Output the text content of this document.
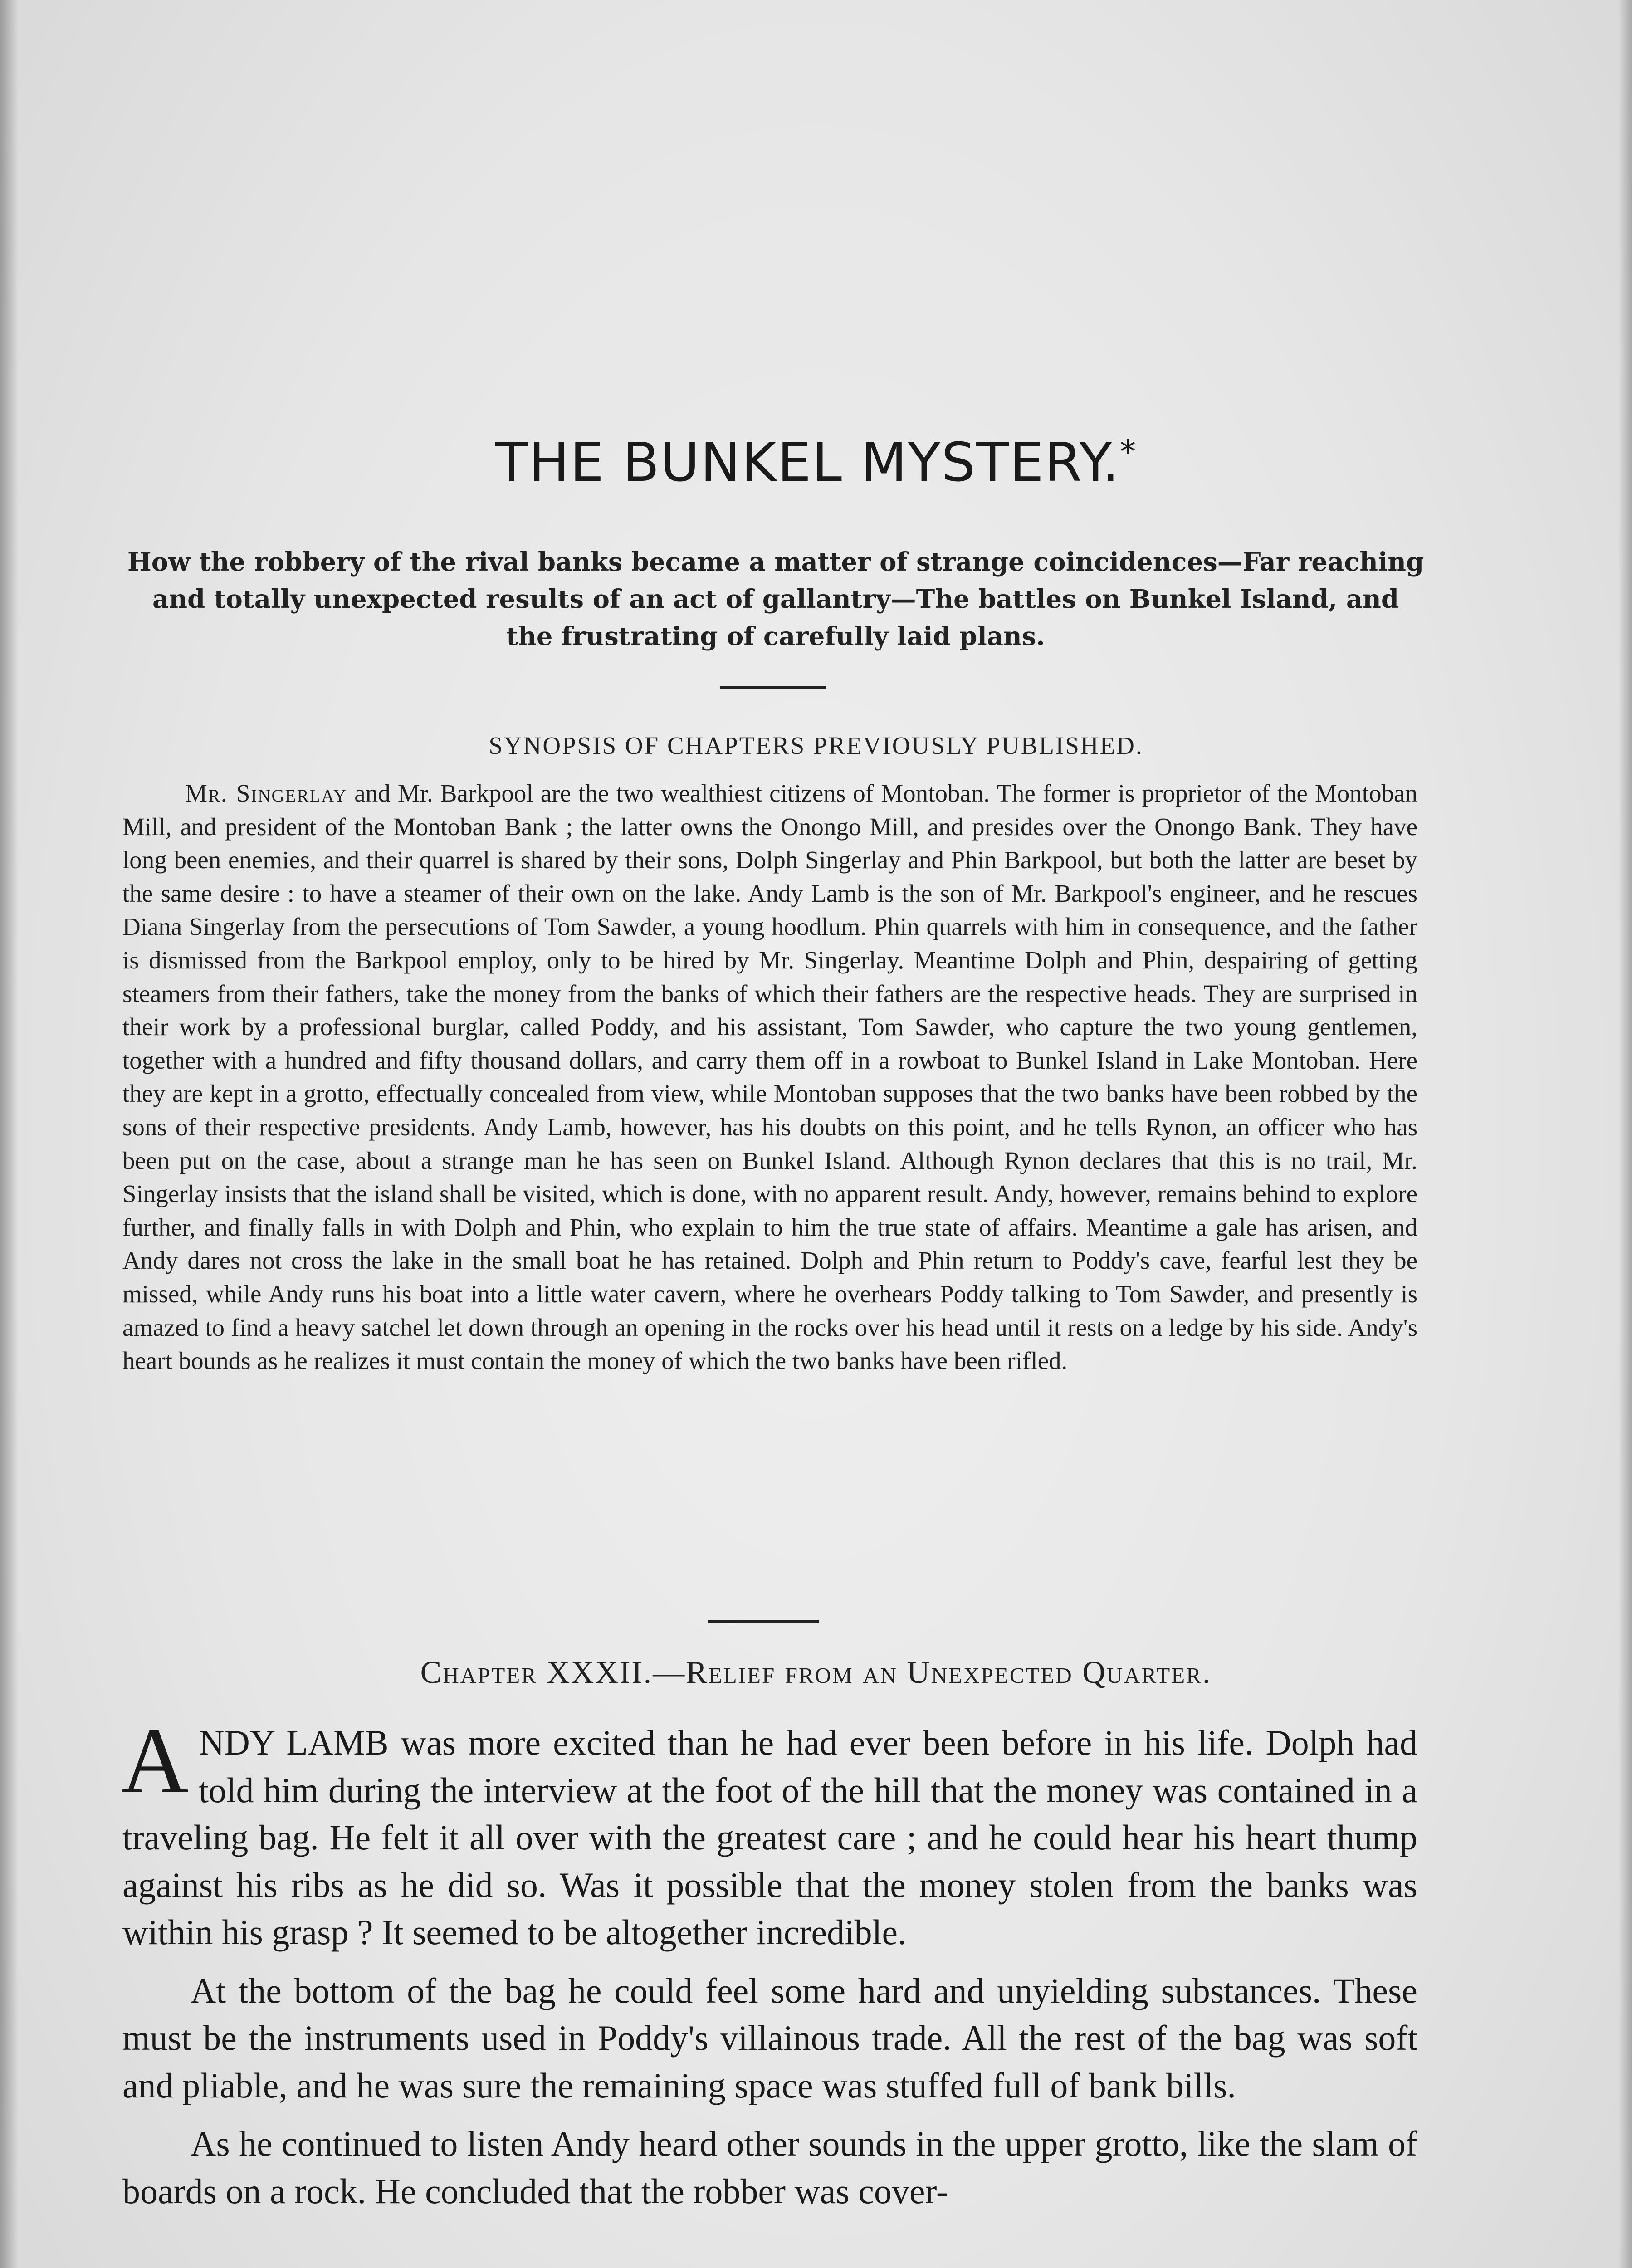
THE BUNKEL MYSTERY.*
How the robbery of the rival banks became a matter of strange coincidences—Far reaching and totally unexpected results of an act of gallantry—The battles on Bunkel Island, and the frustrating of carefully laid plans.
SYNOPSIS OF CHAPTERS PREVIOUSLY PUBLISHED.
Mr. Singerlay and Mr. Barkpool are the two wealthiest citizens of Montoban. The former is proprietor of the Montoban Mill, and president of the Montoban Bank ; the latter owns the Onongo Mill, and presides over the Onongo Bank. They have long been enemies, and their quarrel is shared by their sons, Dolph Singerlay and Phin Barkpool, but both the latter are beset by the same desire : to have a steamer of their own on the lake. Andy Lamb is the son of Mr. Barkpool's engineer, and he rescues Diana Singerlay from the persecutions of Tom Sawder, a young hoodlum. Phin quarrels with him in consequence, and the father is dismissed from the Barkpool employ, only to be hired by Mr. Singerlay. Meantime Dolph and Phin, despairing of getting steamers from their fathers, take the money from the banks of which their fathers are the respective heads. They are surprised in their work by a professional burglar, called Poddy, and his assistant, Tom Sawder, who capture the two young gentlemen, together with a hundred and fifty thousand dollars, and carry them off in a rowboat to Bunkel Island in Lake Montoban. Here they are kept in a grotto, effectually concealed from view, while Montoban supposes that the two banks have been robbed by the sons of their respective presidents. Andy Lamb, however, has his doubts on this point, and he tells Rynon, an officer who has been put on the case, about a strange man he has seen on Bunkel Island. Although Rynon declares that this is no trail, Mr. Singerlay insists that the island shall be visited, which is done, with no apparent result. Andy, however, remains behind to explore further, and finally falls in with Dolph and Phin, who explain to him the true state of affairs. Meantime a gale has arisen, and Andy dares not cross the lake in the small boat he has retained. Dolph and Phin return to Poddy's cave, fearful lest they be missed, while Andy runs his boat into a little water cavern, where he overhears Poddy talking to Tom Sawder, and presently is amazed to find a heavy satchel let down through an opening in the rocks over his head until it rests on a ledge by his side. Andy's heart bounds as he realizes it must contain the money of which the two banks have been rifled.
Chapter XXXII.—Relief from an Unexpected Quarter.

ANDY LAMB was more excited than he had ever been before in his life. Dolph had told him during the interview at the foot of the hill that the money was contained in a traveling bag. He felt it all over with the greatest care ; and he could hear his heart thump against his ribs as he did so. Was it possible that the money stolen from the banks was within his grasp ? It seemed to be altogether incredible.

At the bottom of the bag he could feel some hard and unyielding substances. These must be the instruments used in Poddy's villainous trade. All the rest of the bag was soft and pliable, and he was sure the remaining space was stuffed full of bank bills.

As he continued to listen Andy heard other sounds in the upper grotto, like the slam of boards on a rock. He concluded that the robber was cover-
